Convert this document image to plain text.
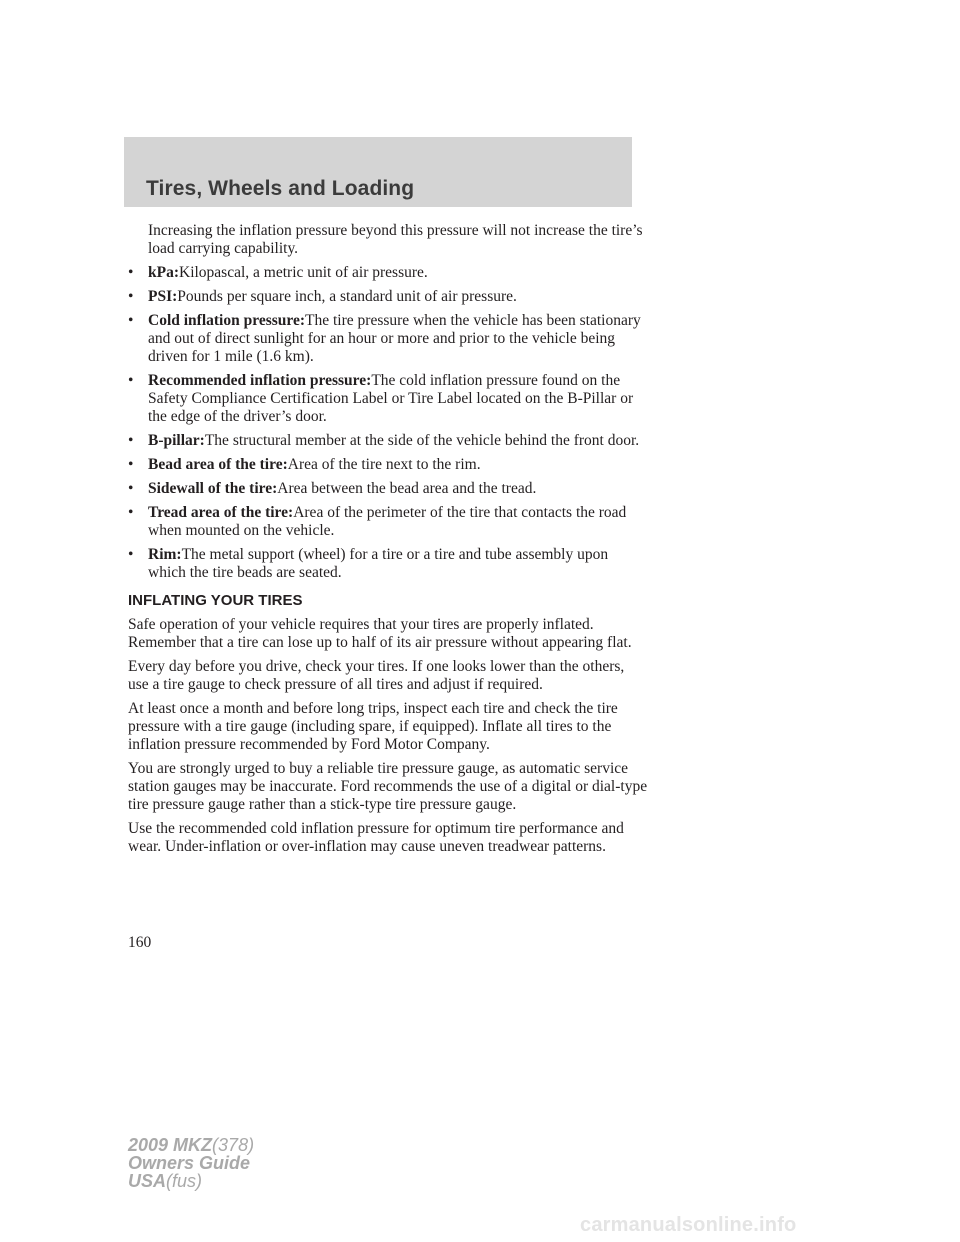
Tires, Wheels and Loading

Increasing the inflation pressure beyond this pressure will not increase the tire’s load carrying capability.

• kPa:Kilopascal, a metric unit of air pressure.
• PSI:Pounds per square inch, a standard unit of air pressure.
• Cold inflation pressure:The tire pressure when the vehicle has been stationary and out of direct sunlight for an hour or more and prior to the vehicle being driven for 1 mile (1.6 km).
• Recommended inflation pressure:The cold inflation pressure found on the Safety Compliance Certification Label or Tire Label located on the B-Pillar or the edge of the driver’s door.
• B-pillar:The structural member at the side of the vehicle behind the front door.
• Bead area of the tire:Area of the tire next to the rim.
• Sidewall of the tire:Area between the bead area and the tread.
• Tread area of the tire:Area of the perimeter of the tire that contacts the road when mounted on the vehicle.
• Rim:The metal support (wheel) for a tire or a tire and tube assembly upon which the tire beads are seated.
INFLATING YOUR TIRES

Safe operation of your vehicle requires that your tires are properly inflated. Remember that a tire can lose up to half of its air pressure without appearing flat.

Every day before you drive, check your tires. If one looks lower than the others, use a tire gauge to check pressure of all tires and adjust if required.

At least once a month and before long trips, inspect each tire and check the tire pressure with a tire gauge (including spare, if equipped). Inflate all tires to the inflation pressure recommended by Ford Motor Company.

You are strongly urged to buy a reliable tire pressure gauge, as automatic service station gauges may be inaccurate. Ford recommends the use of a digital or dial-type tire pressure gauge rather than a stick-type tire pressure gauge.

Use the recommended cold inflation pressure for optimum tire performance and wear. Under-inflation or over-inflation may cause uneven treadwear patterns.

160
2009 MKZ(378)
Owners Guide
USA(fus)
carmanualsonline.info
